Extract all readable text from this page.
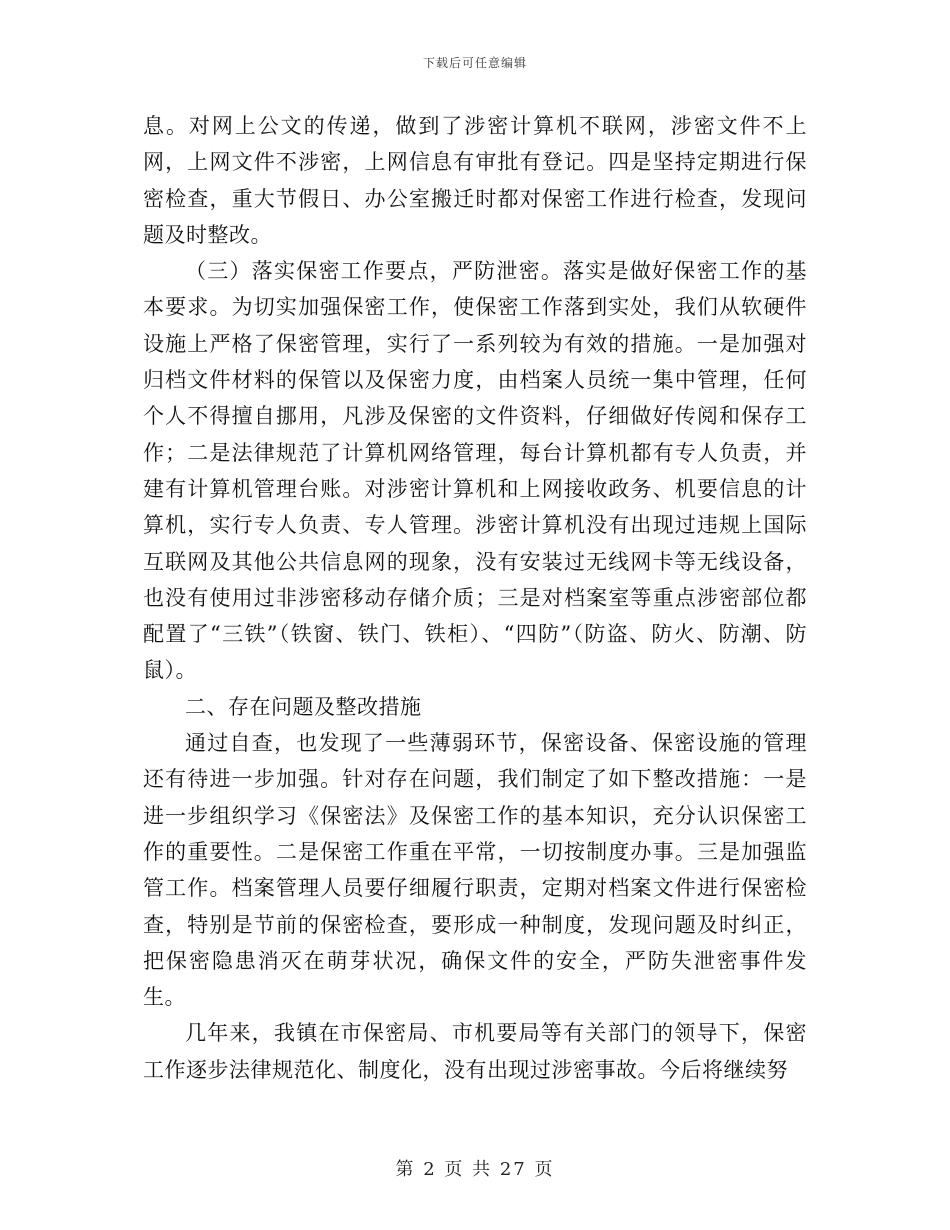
下载后可任意编辑

息。对网上公文的传递，做到了涉密计算机不联网，涉密文件不上网，上网文件不涉密，上网信息有审批有登记。四是坚持定期进行保密检查，重大节假日、办公室搬迁时都对保密工作进行检查，发现问题及时整改。

（三）落实保密工作要点，严防泄密。落实是做好保密工作的基本要求。为切实加强保密工作，使保密工作落到实处，我们从软硬件设施上严格了保密管理，实行了一系列较为有效的措施。一是加强对归档文件材料的保管以及保密力度，由档案人员统一集中管理，任何个人不得擅自挪用，凡涉及保密的文件资料，仔细做好传阅和保存工作；二是法律规范了计算机网络管理，每台计算机都有专人负责，并建有计算机管理台账。对涉密计算机和上网接收政务、机要信息的计算机，实行专人负责、专人管理。涉密计算机没有出现过违规上国际互联网及其他公共信息网的现象，没有安装过无线网卡等无线设备，也没有使用过非涉密移动存储介质；三是对档案室等重点涉密部位都配置了“三铁”（铁窗、铁门、铁柜）、“四防”（防盗、防火、防潮、防鼠）。

二、存在问题及整改措施

通过自查，也发现了一些薄弱环节，保密设备、保密设施的管理还有待进一步加强。针对存在问题，我们制定了如下整改措施：一是进一步组织学习《保密法》及保密工作的基本知识，充分认识保密工作的重要性。二是保密工作重在平常，一切按制度办事。三是加强监管工作。档案管理人员要仔细履行职责，定期对档案文件进行保密检查，特别是节前的保密检查，要形成一种制度，发现问题及时纠正，把保密隐患消灭在萌芽状况，确保文件的安全，严防失泄密事件发生。

几年来，我镇在市保密局、市机要局等有关部门的领导下，保密工作逐步法律规范化、制度化，没有出现过涉密事故。今后将继续努

第 2 页 共 27 页
